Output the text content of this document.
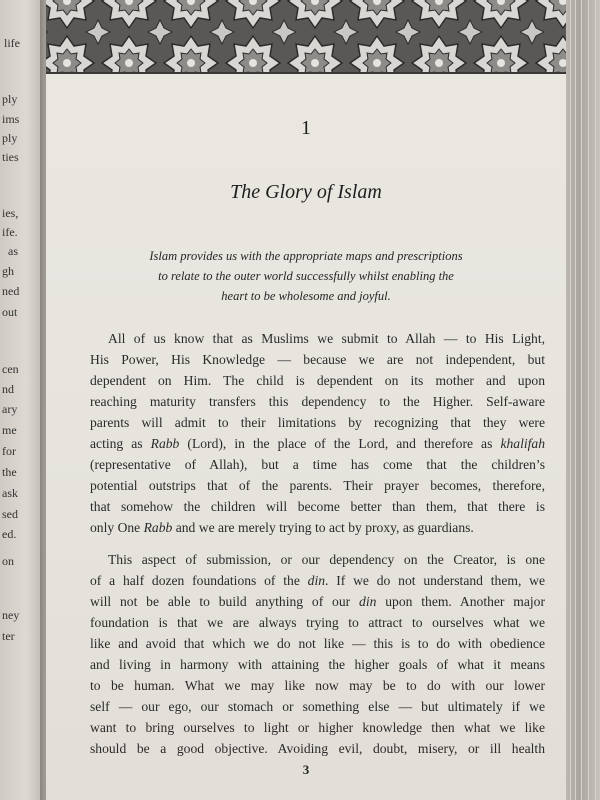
life
ply
ims
ply
ties
ies,
ife.
as
gh
ned
out
cen
nd
ary
me
for
the
ask
sed
ed.
on
ney
ter
1
The Glory of Islam
Islam provides us with the appropriate maps and prescriptions
to relate to the outer world successfully whilst enabling the
heart to be wholesome and joyful.
All of us know that as Muslims we submit to Allah — to His Light,
His Power, His Knowledge — because we are not independent, but
dependent on Him. The child is dependent on its mother and upon
reaching maturity transfers this dependency to the Higher. Self-aware
parents will admit to their limitations by recognizing that they were
acting as Rabb (Lord), in the place of the Lord, and therefore as khalifah
(representative of Allah), but a time has come that the children’s
potential outstrips that of the parents. Their prayer becomes, therefore,
that somehow the children will become better than them, that there is
only One Rabb and we are merely trying to act by proxy, as guardians.
This aspect of submission, or our dependency on the Creator, is one
of a half dozen foundations of the din. If we do not understand them, we
will not be able to build anything of our din upon them. Another major
foundation is that we are always trying to attract to ourselves what we
like and avoid that which we do not like — this is to do with obedience
and living in harmony with attaining the higher goals of what it means
to be human. What we may like now may be to do with our lower
self — our ego, our stomach or something else — but ultimately if we
want to bring ourselves to light or higher knowledge then what we like
should be a good objective. Avoiding evil, doubt, misery, or ill health
3
